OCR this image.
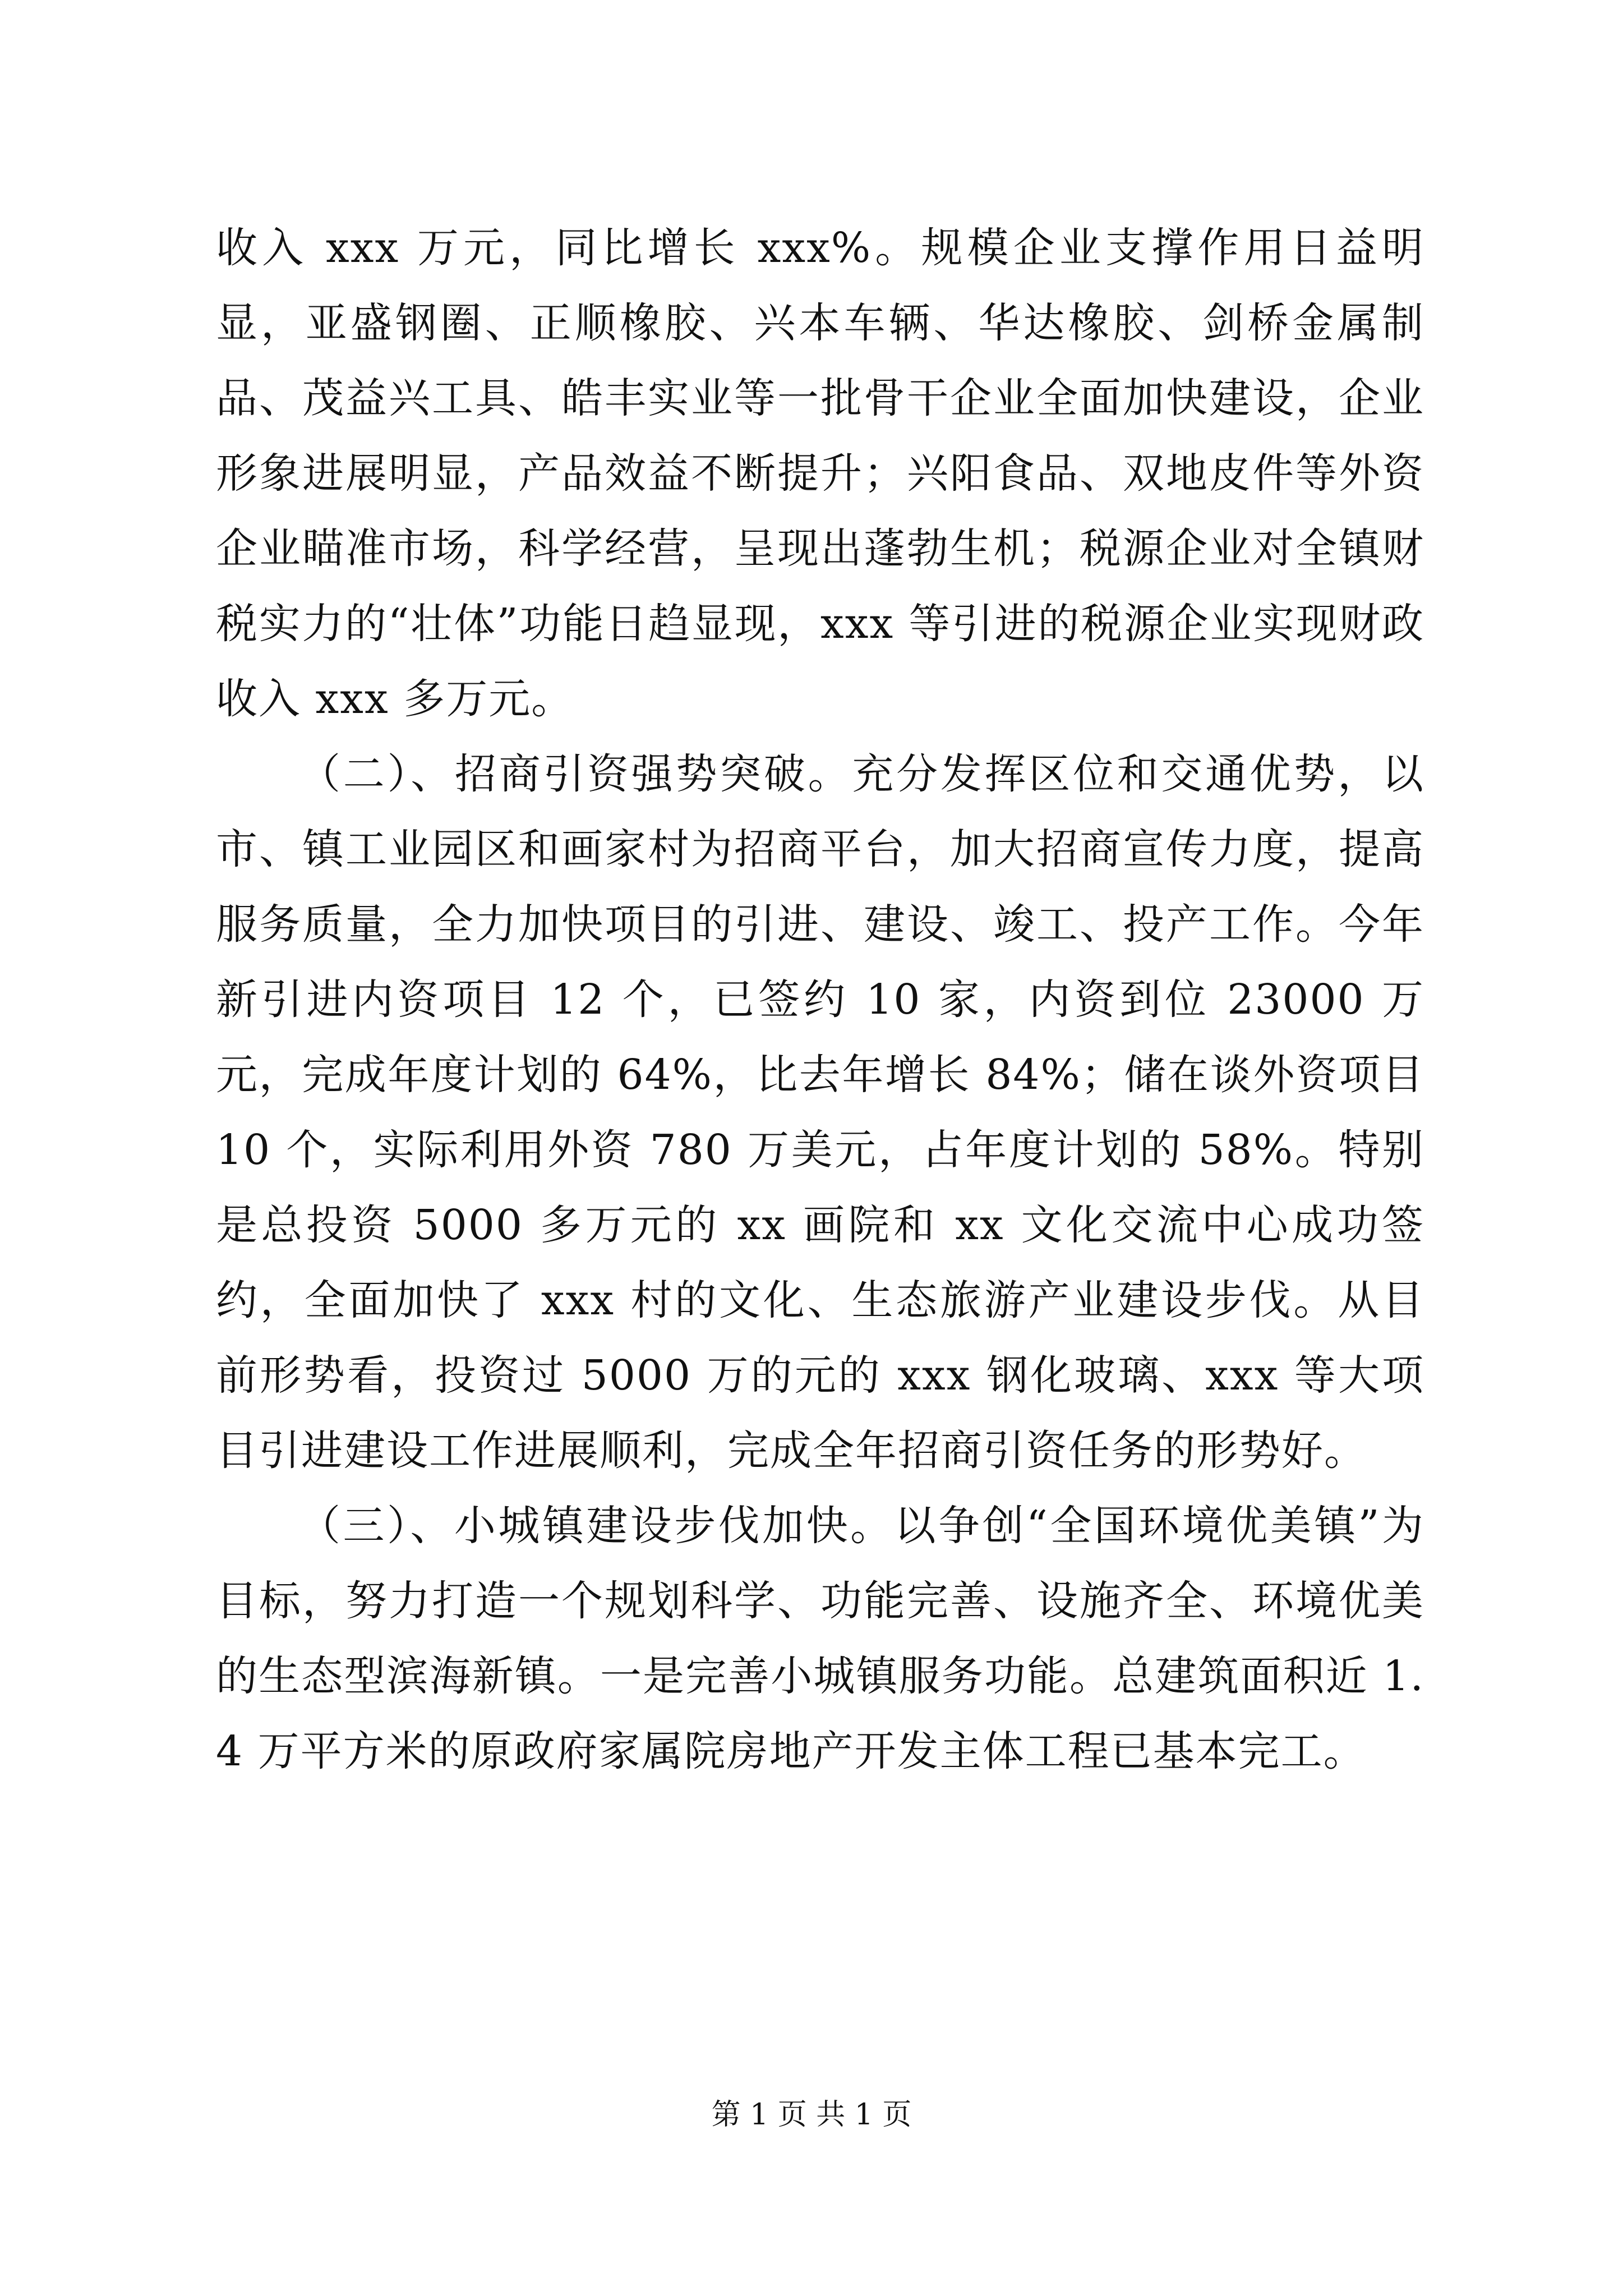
收入 xxx 万元，同比增长 xxx%。规模企业支撑作用日益明显，亚盛钢圈、正顺橡胶、兴本车辆、华达橡胶、剑桥金属制品、茂益兴工具、皓丰实业等一批骨干企业全面加快建设，企业形象进展明显，产品效益不断提升；兴阳食品、双地皮件等外资企业瞄准市场，科学经营，呈现出蓬勃生机；税源企业对全镇财税实力的“壮体”功能日趋显现，xxx 等引进的税源企业实现财政收入 xxx 多万元。

（二）、招商引资强势突破。充分发挥区位和交通优势，以市、镇工业园区和画家村为招商平台，加大招商宣传力度，提高服务质量，全力加快项目的引进、建设、竣工、投产工作。今年新引进内资项目 12 个，已签约 10 家，内资到位 23000 万元，完成年度计划的 64%，比去年增长 84%；储在谈外资项目 10 个，实际利用外资 780 万美元，占年度计划的 58%。特别是总投资 5000 多万元的 xx 画院和 xx 文化交流中心成功签约，全面加快了 xxx 村的文化、生态旅游产业建设步伐。从目前形势看，投资过 5000 万的元的 xxx 钢化玻璃、xxx 等大项目引进建设工作进展顺利，完成全年招商引资任务的形势好。

（三）、小城镇建设步伐加快。以争创“全国环境优美镇”为目标，努力打造一个规划科学、功能完善、设施齐全、环境优美的生态型滨海新镇。一是完善小城镇服务功能。总建筑面积近 1.4 万平方米的原政府家属院房地产开发主体工程已基本完工。

第 1 页 共 1 页
